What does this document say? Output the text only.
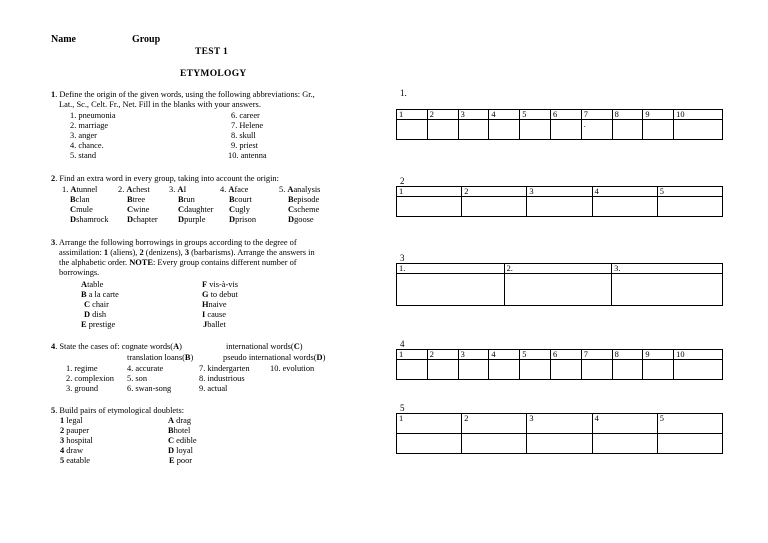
Name	Group
TEST 1
ETYMOLOGY
1. Define the origin of the given words, using the following abbreviations: Gr.,
Lat., Sc., Celt. Fr., Net. Fill in the blanks with your answers.
1. pneumonia
2. marriage
3. anger
4. chance.
5. stand
6. career
7. Helene
8. skull
9. priest
10. antenna
2. Find an extra word in every group, taking into account the origin:
1. Atunnel
Bclan
Cmule
Dshamrock
2. Achest
Btree
Cwine
Dchapter
3. AI
Brun
Cdaughter
Dpurple
4. Aface
Bcourt
Cugly
Dprison
5. Aanalysis
Bepisode
Cscheme
Dgoose
3. Arrange the following borrowings in groups according to the degree of
assimilation: 1 (aliens), 2 (denizens), 3 (barbarisms). Arrange the answers in
the alphabetic order. NOTE: Every group contains different number of
borrowings.
Atable
B a la carte
C chair
D dish
E prestige
F vis-à-vis
G to debut
Hnaive
I cause
Jballet
4. State the cases of: cognate words(A)	international words(C)
translation loans(B)	pseudo international words(D)
1. regime
2. complexion
3. ground
4. accurate
5. son
6. swan-song
7. kindergarten
8. industrious
9. actual
10. evolution
5. Build pairs of etymological doublets:
1 legal
2 pauper
3 hospital
4 draw
5 eatable
A drag
Bhotel
C edible
D loyal
E poor
1.
1	2	3	4	5	6	7	8	9	10
						.			
2
1	2	3	4	5

3
1.	2.	3.

4
1	2	3	4	5	6	7	8	9	10

5
1	2	3	4	5
